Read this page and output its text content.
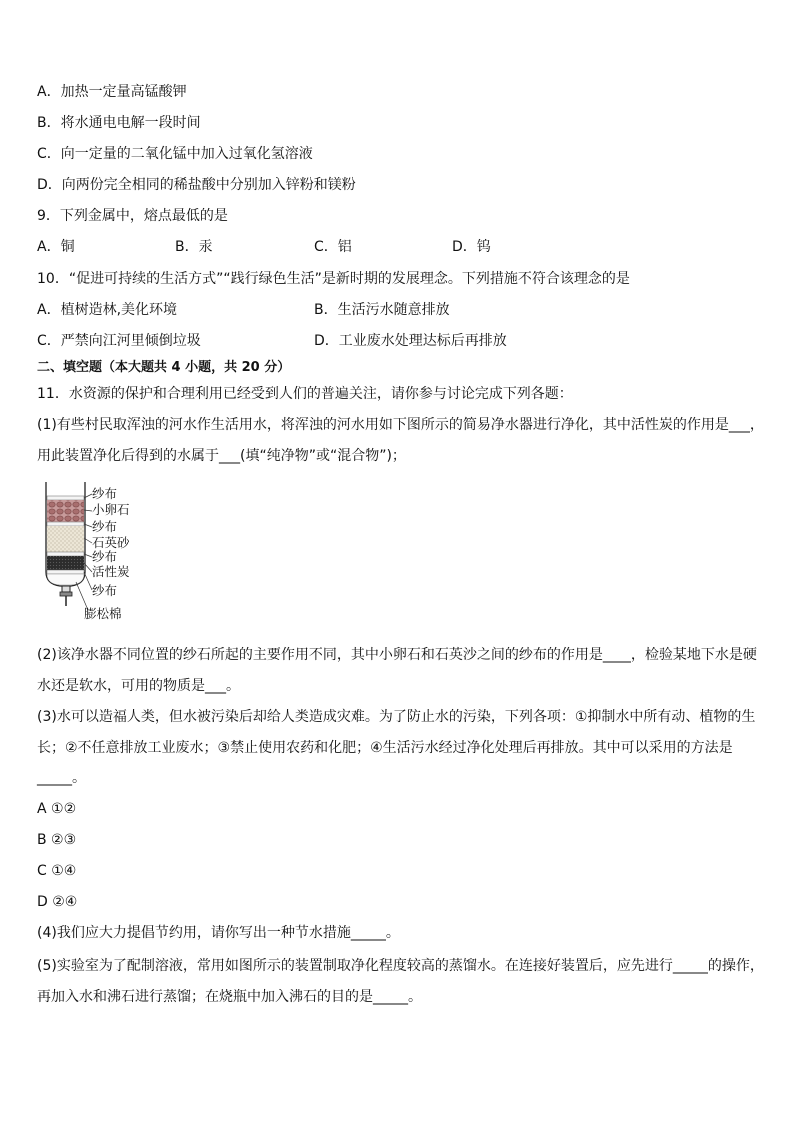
A．加热一定量高锰酸钾
B．将水通电电解一段时间
C．向一定量的二氧化锰中加入过氧化氢溶液
D．向两份完全相同的稀盐酸中分别加入锌粉和镁粉
9．下列金属中，熔点最低的是
A．铜	B．汞	C．铝	D．钨
10．“促进可持续的生活方式”“践行绿色生活”是新时期的发展理念。下列措施不符合该理念的是
A．植树造林,美化环境	B．生活污水随意排放
C．严禁向江河里倾倒垃圾	D．工业废水处理达标后再排放
二、填空题（本大题共 4 小题，共 20 分）
11．水资源的保护和合理利用已经受到人们的普遍关注，请你参与讨论完成下列各题：
(1)有些村民取浑浊的河水作生活用水，将浑浊的河水用如下图所示的简易净水器进行净化，其中活性炭的作用是___，
用此装置净化后得到的水属于___(填“纯净物”或“混合物”)；
纱布
小卵石
纱布
石英砂
纱布
活性炭
纱布
膨松棉
(2)该净水器不同位置的纱石所起的主要作用不同，其中小卵石和石英沙之间的纱布的作用是____，检验某地下水是硬
水还是软水，可用的物质是___。
(3)水可以造福人类，但水被污染后却给人类造成灾难。为了防止水的污染，下列各项：①抑制水中所有动、植物的生
长；②不任意排放工业废水；③禁止使用农药和化肥；④生活污水经过净化处理后再排放。其中可以采用的方法是
_____。
A ①②
B ②③
C ①④
D ②④
(4)我们应大力提倡节约用，请你写出一种节水措施_____。
(5)实验室为了配制溶液，常用如图所示的装置制取净化程度较高的蒸馏水。在连接好装置后，应先进行_____的操作，
再加入水和沸石进行蒸馏；在烧瓶中加入沸石的目的是_____。
